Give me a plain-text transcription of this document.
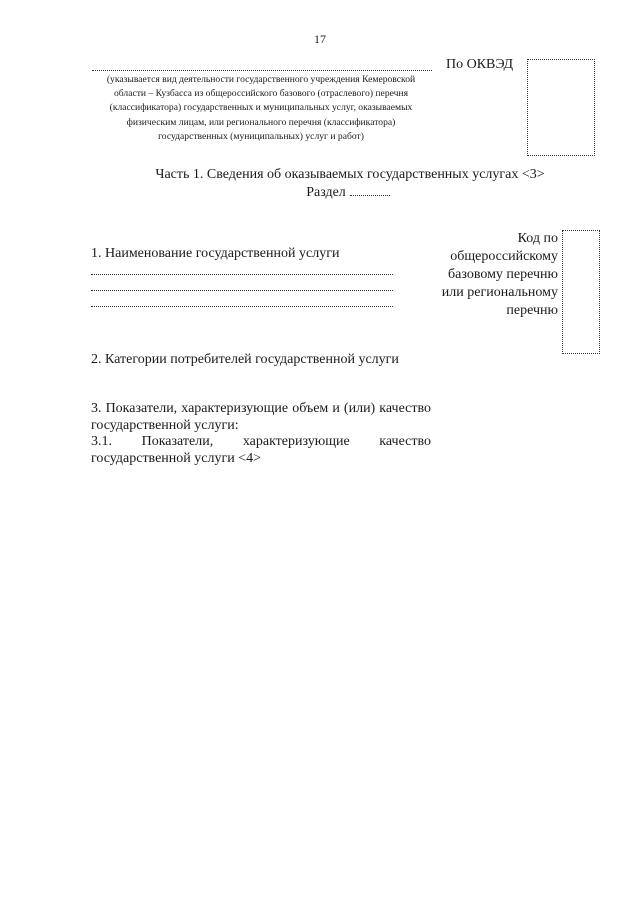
17
(указывается вид деятельности государственного учреждения Кемеровской области – Кузбасса из общероссийского базового (отраслевого) перечня (классификатора) государственных и муниципальных услуг, оказываемых физическим лицам, или регионального перечня (классификатора) государственных (муниципальных) услуг и работ)
По ОКВЭД
Часть 1. Сведения об оказываемых государственных услугах <3>
Раздел
1. Наименование государственной услуги
Код по общероссийскому базовому перечню или региональному перечню
2. Категории потребителей государственной услуги

3. Показатели, характеризующие объем и (или) качество государственной услуги:

3.1. Показатели, характеризующие качество государственной услуги <4>
